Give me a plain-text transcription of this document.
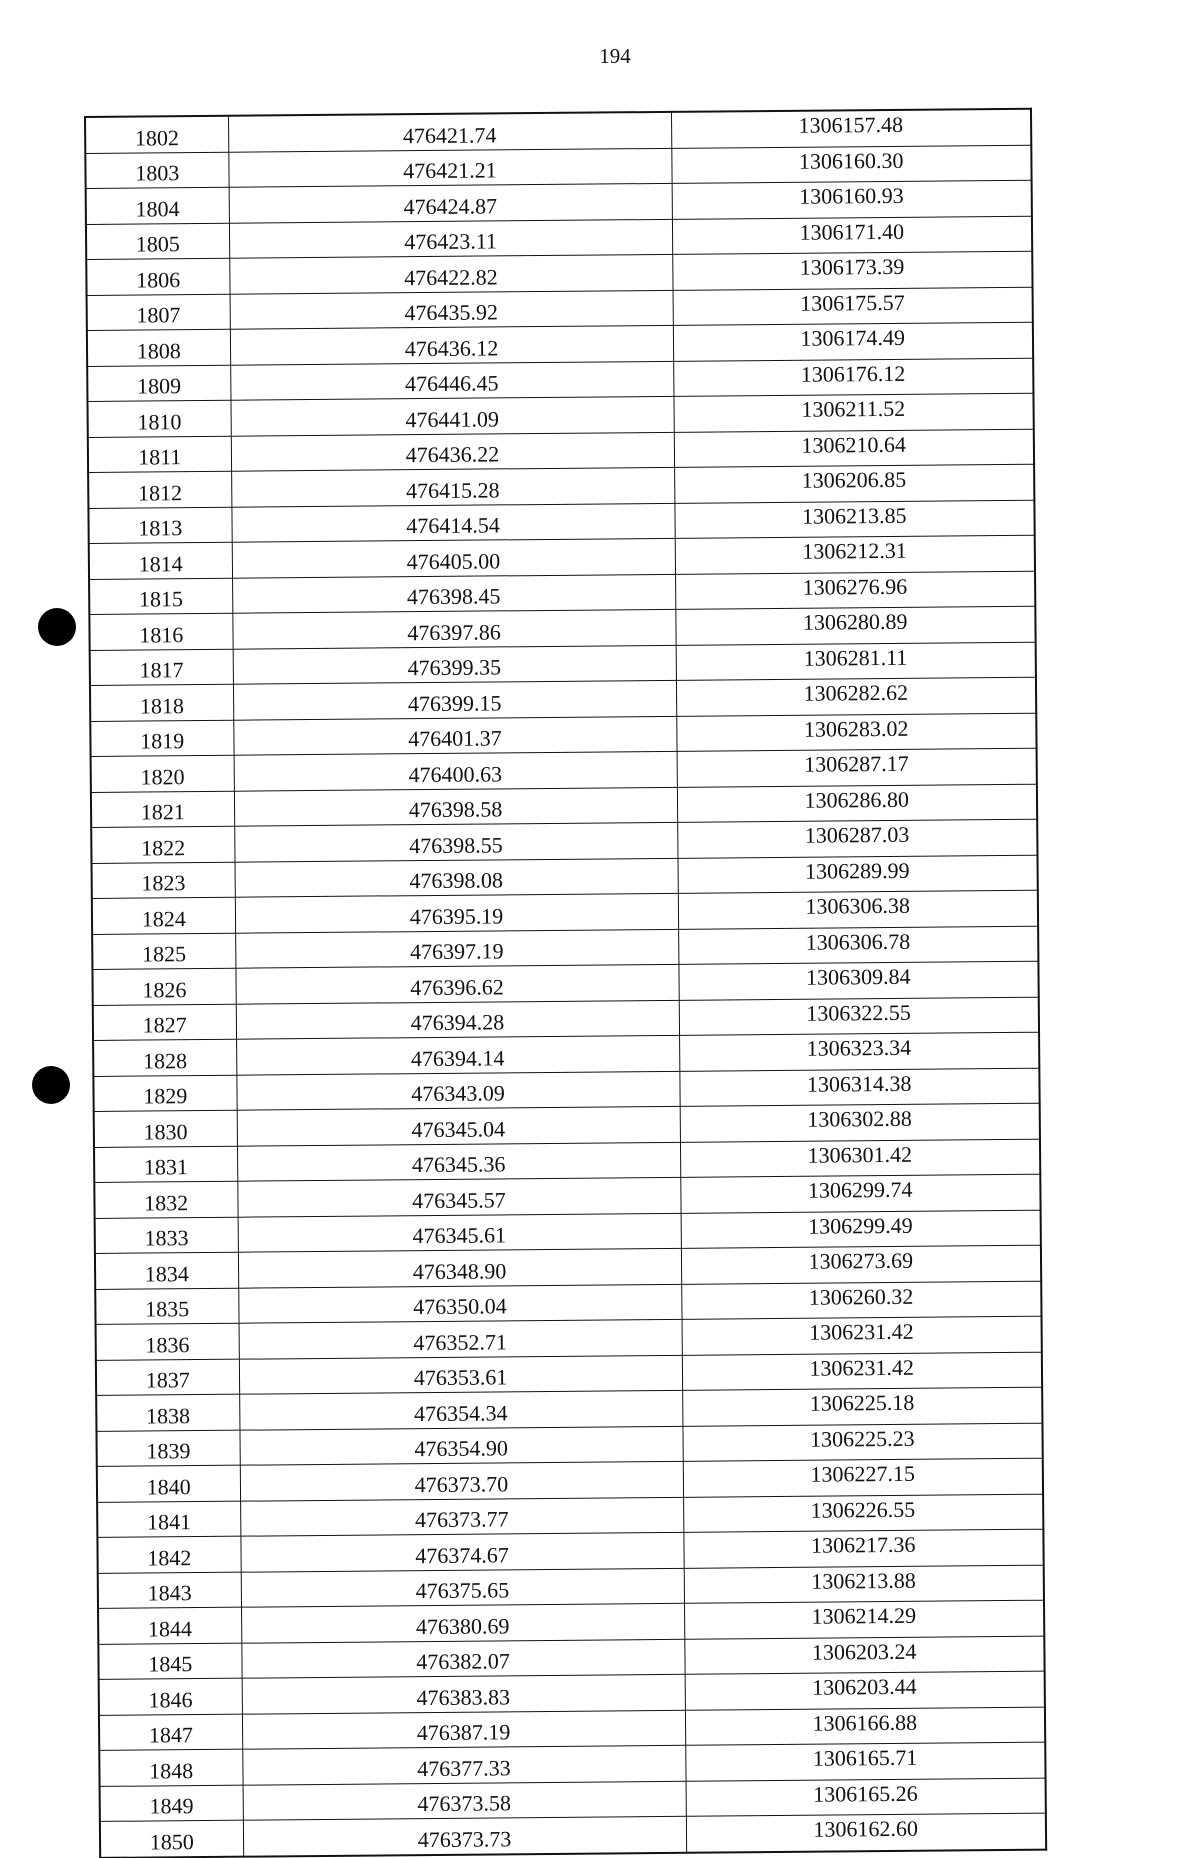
194
1802	476421.74	1306157.48
1803	476421.21	1306160.30
1804	476424.87	1306160.93
1805	476423.11	1306171.40
1806	476422.82	1306173.39
1807	476435.92	1306175.57
1808	476436.12	1306174.49
1809	476446.45	1306176.12
1810	476441.09	1306211.52
1811	476436.22	1306210.64
1812	476415.28	1306206.85
1813	476414.54	1306213.85
1814	476405.00	1306212.31
1815	476398.45	1306276.96
1816	476397.86	1306280.89
1817	476399.35	1306281.11
1818	476399.15	1306282.62
1819	476401.37	1306283.02
1820	476400.63	1306287.17
1821	476398.58	1306286.80
1822	476398.55	1306287.03
1823	476398.08	1306289.99
1824	476395.19	1306306.38
1825	476397.19	1306306.78
1826	476396.62	1306309.84
1827	476394.28	1306322.55
1828	476394.14	1306323.34
1829	476343.09	1306314.38
1830	476345.04	1306302.88
1831	476345.36	1306301.42
1832	476345.57	1306299.74
1833	476345.61	1306299.49
1834	476348.90	1306273.69
1835	476350.04	1306260.32
1836	476352.71	1306231.42
1837	476353.61	1306231.42
1838	476354.34	1306225.18
1839	476354.90	1306225.23
1840	476373.70	1306227.15
1841	476373.77	1306226.55
1842	476374.67	1306217.36
1843	476375.65	1306213.88
1844	476380.69	1306214.29
1845	476382.07	1306203.24
1846	476383.83	1306203.44
1847	476387.19	1306166.88
1848	476377.33	1306165.71
1849	476373.58	1306165.26
1850	476373.73	1306162.60
